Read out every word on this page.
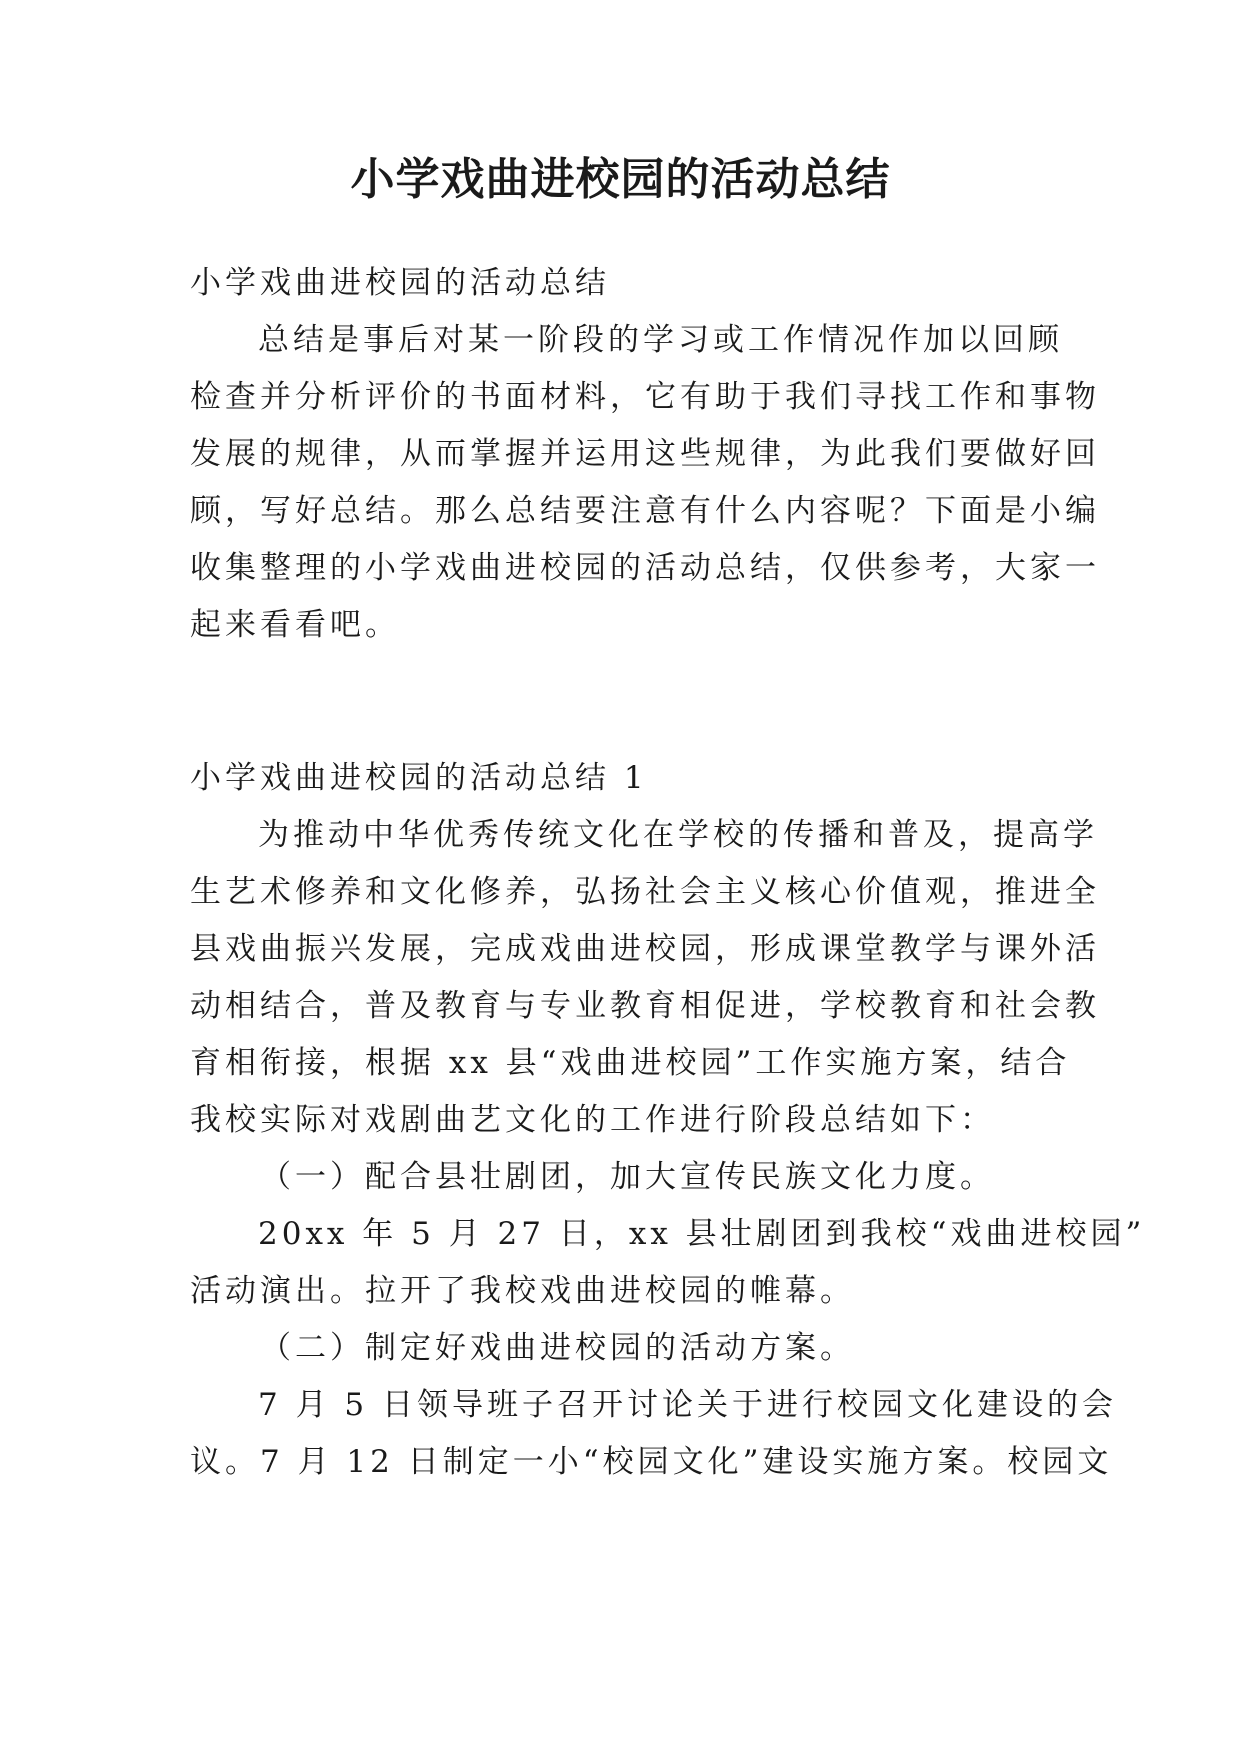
小学戏曲进校园的活动总结
小学戏曲进校园的活动总结
总结是事后对某一阶段的学习或工作情况作加以回顾
检查并分析评价的书面材料，它有助于我们寻找工作和事物
发展的规律，从而掌握并运用这些规律，为此我们要做好回
顾，写好总结。那么总结要注意有什么内容呢？下面是小编
收集整理的小学戏曲进校园的活动总结，仅供参考，大家一
起来看看吧。
小学戏曲进校园的活动总结 1
为推动中华优秀传统文化在学校的传播和普及，提高学
生艺术修养和文化修养，弘扬社会主义核心价值观，推进全
县戏曲振兴发展，完成戏曲进校园，形成课堂教学与课外活
动相结合，普及教育与专业教育相促进，学校教育和社会教
育相衔接，根据 xx 县“戏曲进校园”工作实施方案，结合
我校实际对戏剧曲艺文化的工作进行阶段总结如下：
（一）配合县壮剧团，加大宣传民族文化力度。
20xx 年 5 月 27 日，xx 县壮剧团到我校“戏曲进校园”
活动演出。拉开了我校戏曲进校园的帷幕。
（二）制定好戏曲进校园的活动方案。
7 月 5 日领导班子召开讨论关于进行校园文化建设的会
议。7 月 12 日制定一小“校园文化”建设实施方案。校园文
